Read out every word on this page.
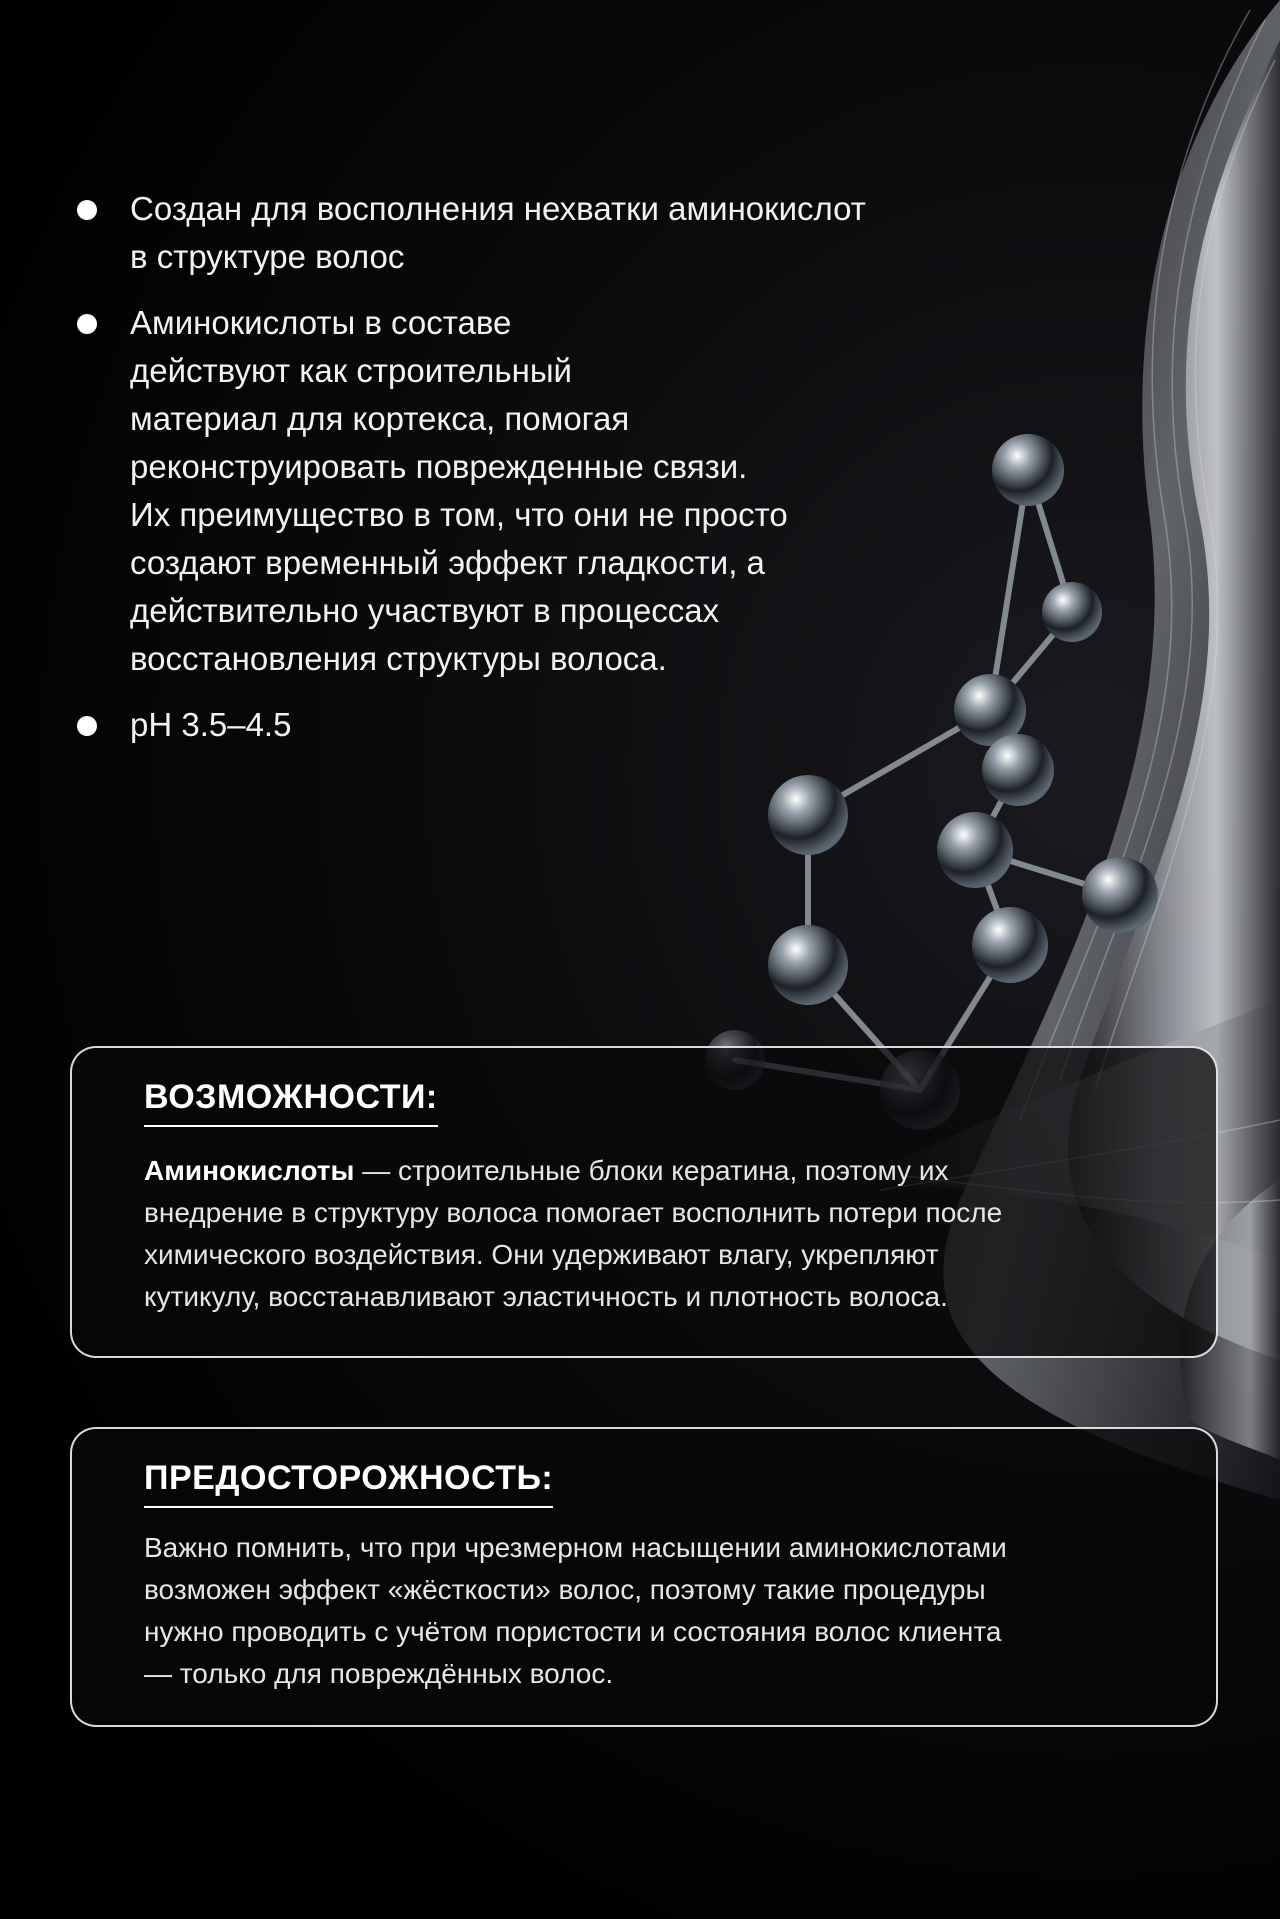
Создан для восполнения нехватки аминокислот
в структуре волос
Аминокислоты в составе
действуют как строительный
материал для кортекса, помогая
реконструировать поврежденные связи.
Их преимущество в том, что они не просто
создают временный эффект гладкости, а
действительно участвуют в процессах
восстановления структуры волоса.
pH 3.5–4.5
ВОЗМОЖНОСТИ:
Аминокислоты — строительные блоки кератина, поэтому их
внедрение в структуру волоса помогает восполнить потери после
химического воздействия. Они удерживают влагу, укрепляют
кутикулу, восстанавливают эластичность и плотность волоса.
ПРЕДОСТОРОЖНОСТЬ:
Важно помнить, что при чрезмерном насыщении аминокислотами
возможен эффект «жёсткости» волос, поэтому такие процедуры
нужно проводить с учётом пористости и состояния волос клиента
— только для повреждённых волос.
